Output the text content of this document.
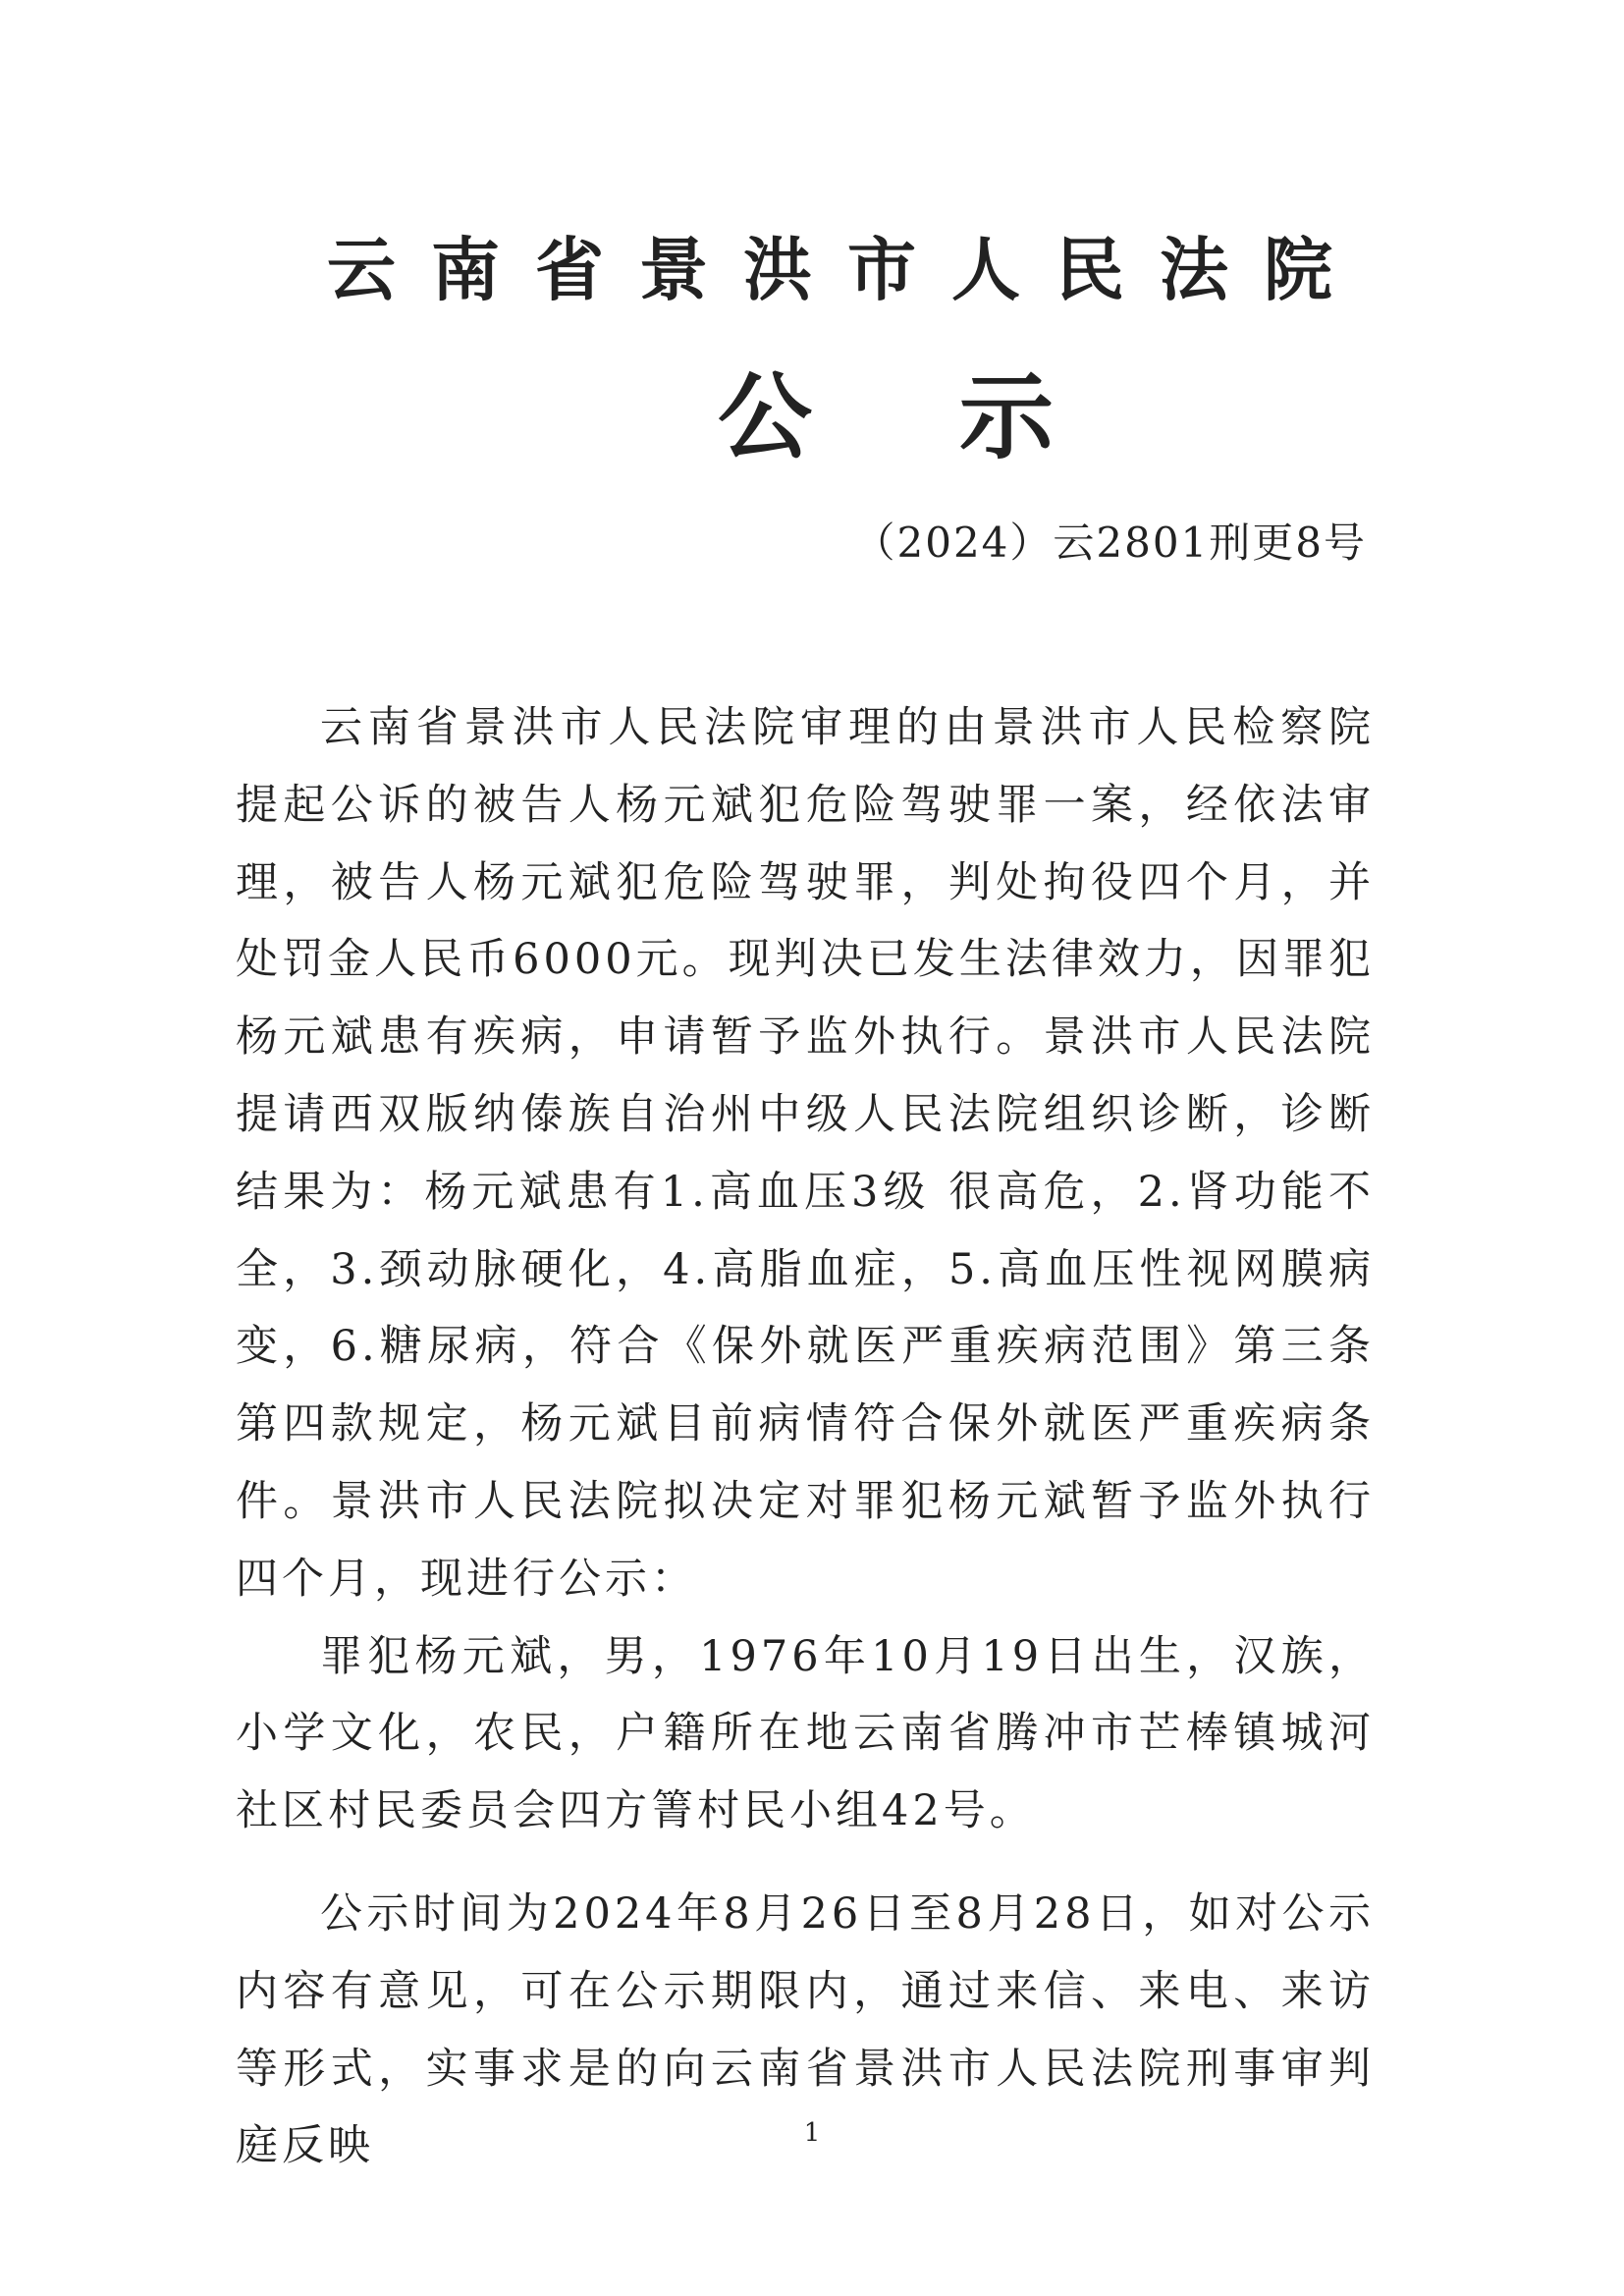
云南省景洪市人民法院
公示
（2024）云2801刑更8号

云南省景洪市人民法院审理的由景洪市人民检察院提起公诉的被告人杨元斌犯危险驾驶罪一案，经依法审理，被告人杨元斌犯危险驾驶罪，判处拘役四个月，并处罚金人民币6000元。现判决已发生法律效力，因罪犯杨元斌患有疾病，申请暂予监外执行。景洪市人民法院提请西双版纳傣族自治州中级人民法院组织诊断，诊断结果为：杨元斌患有1.高血压3级 很高危，2.肾功能不全，3.颈动脉硬化，4.高脂血症，5.高血压性视网膜病变，6.糖尿病，符合《保外就医严重疾病范围》第三条第四款规定，杨元斌目前病情符合保外就医严重疾病条件。景洪市人民法院拟决定对罪犯杨元斌暂予监外执行四个月，现进行公示：

罪犯杨元斌，男，1976年10月19日出生，汉族，小学文化，农民，户籍所在地云南省腾冲市芒棒镇城河社区村民委员会四方箐村民小组42号。

公示时间为2024年8月26日至8月28日，如对公示内容有意见，可在公示期限内，通过来信、来电、来访等形式，实事求是的向云南省景洪市人民法院刑事审判庭反映	1
